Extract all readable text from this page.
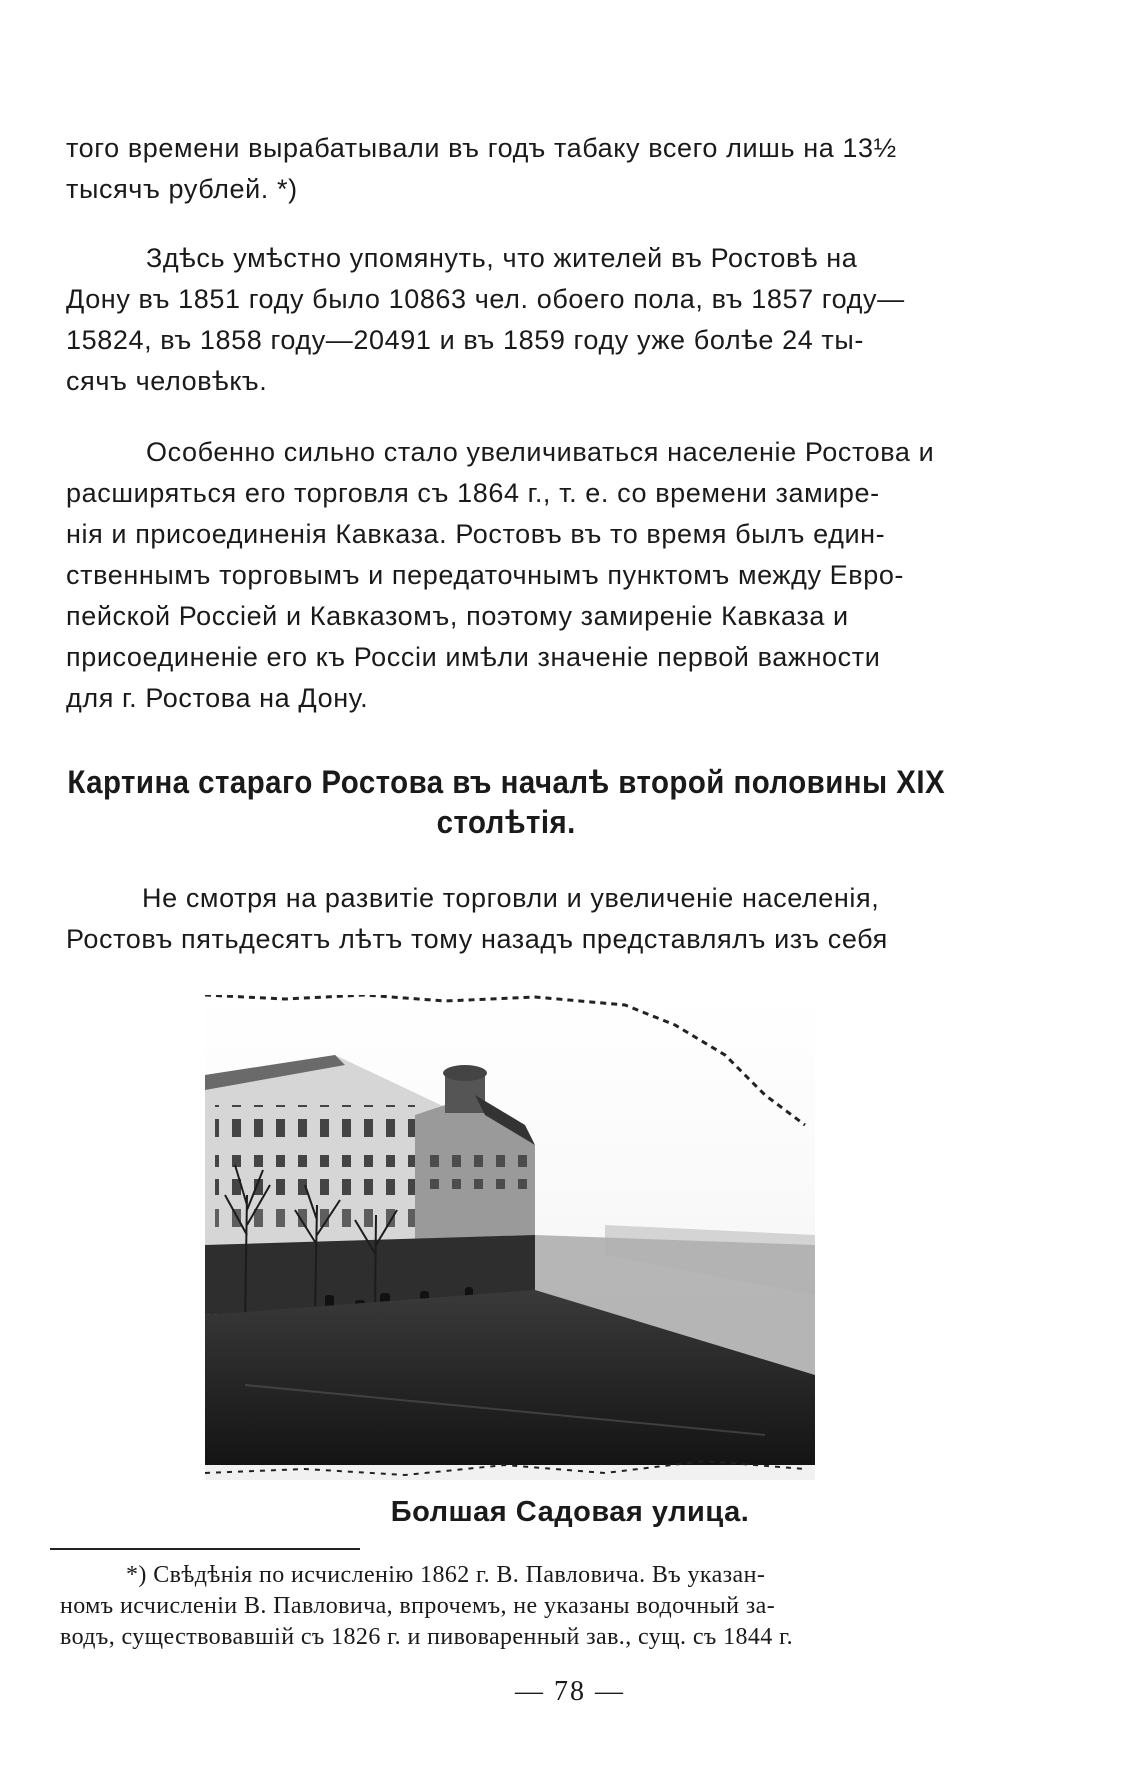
того времени вырабатывали въ годъ табаку всего лишь на 13½
тысячъ рублей. *)

Здѣсь умѣстно упомянуть, что жителей въ Ростовѣ на
Дону въ 1851 году было 10863 чел. обоего пола, въ 1857 году—
15824, въ 1858 году—20491 и въ 1859 году уже болѣе 24 ты-
сячъ человѣкъ.

Особенно сильно стало увеличиваться населеніе Ростова и
расширяться его торговля съ 1864 г., т. е. со времени замире-
нія и присоединенія Кавказа. Ростовъ въ то время былъ един-
ственнымъ торговымъ и передаточнымъ пунктомъ между Евро-
пейской Россіей и Кавказомъ, поэтому замиреніе Кавказа и
присоединеніе его къ Россіи имѣли значеніе первой важности
для г. Ростова на Дону.

Картина стараго Ростова въ началѣ второй половины XIX
столѣтія.

Не смотря на развитіе торговли и увеличеніе населенія,
Ростовъ пятьдесятъ лѣтъ тому назадъ представлялъ изъ себя

Болшая Садовая улица.
*) Свѣдѣнія по исчисленію 1862 г. В. Павловича. Въ указан-
номъ исчисленіи В. Павловича, впрочемъ, не указаны водочный за-
водъ, существовавшій съ 1826 г. и пивоваренный зав., сущ. съ 1844 г.
— 78 —
